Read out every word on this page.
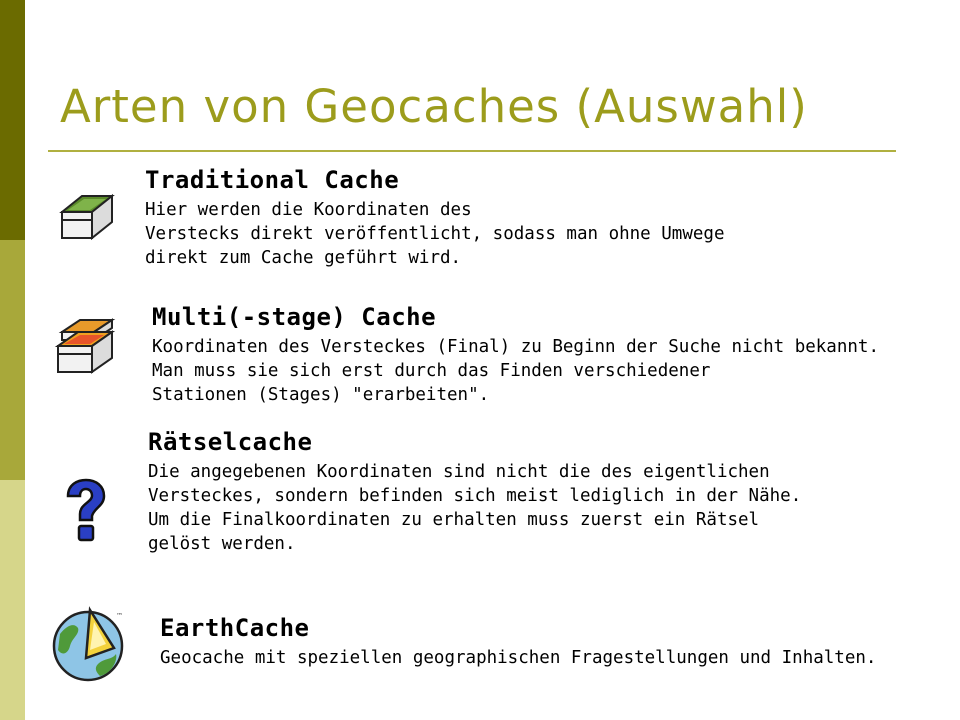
Arten von Geocaches (Auswahl)
™
Traditional Cache

Hier werden die Koordinaten des

Verstecks direkt veröffentlicht, sodass man ohne Umwege

direkt zum Cache geführt wird.

Multi(-stage) Cache

Koordinaten des Versteckes (Final) zu Beginn der Suche nicht bekannt.

Man muss sie sich erst durch das Finden verschiedener

Stationen (Stages) "erarbeiten".

Rätselcache

Die angegebenen Koordinaten sind nicht die des eigentlichen

Versteckes, sondern befinden sich meist lediglich in der Nähe.

Um die Finalkoordinaten zu erhalten muss zuerst ein Rätsel

gelöst werden.

EarthCache

Geocache mit speziellen geographischen Fragestellungen und Inhalten.
